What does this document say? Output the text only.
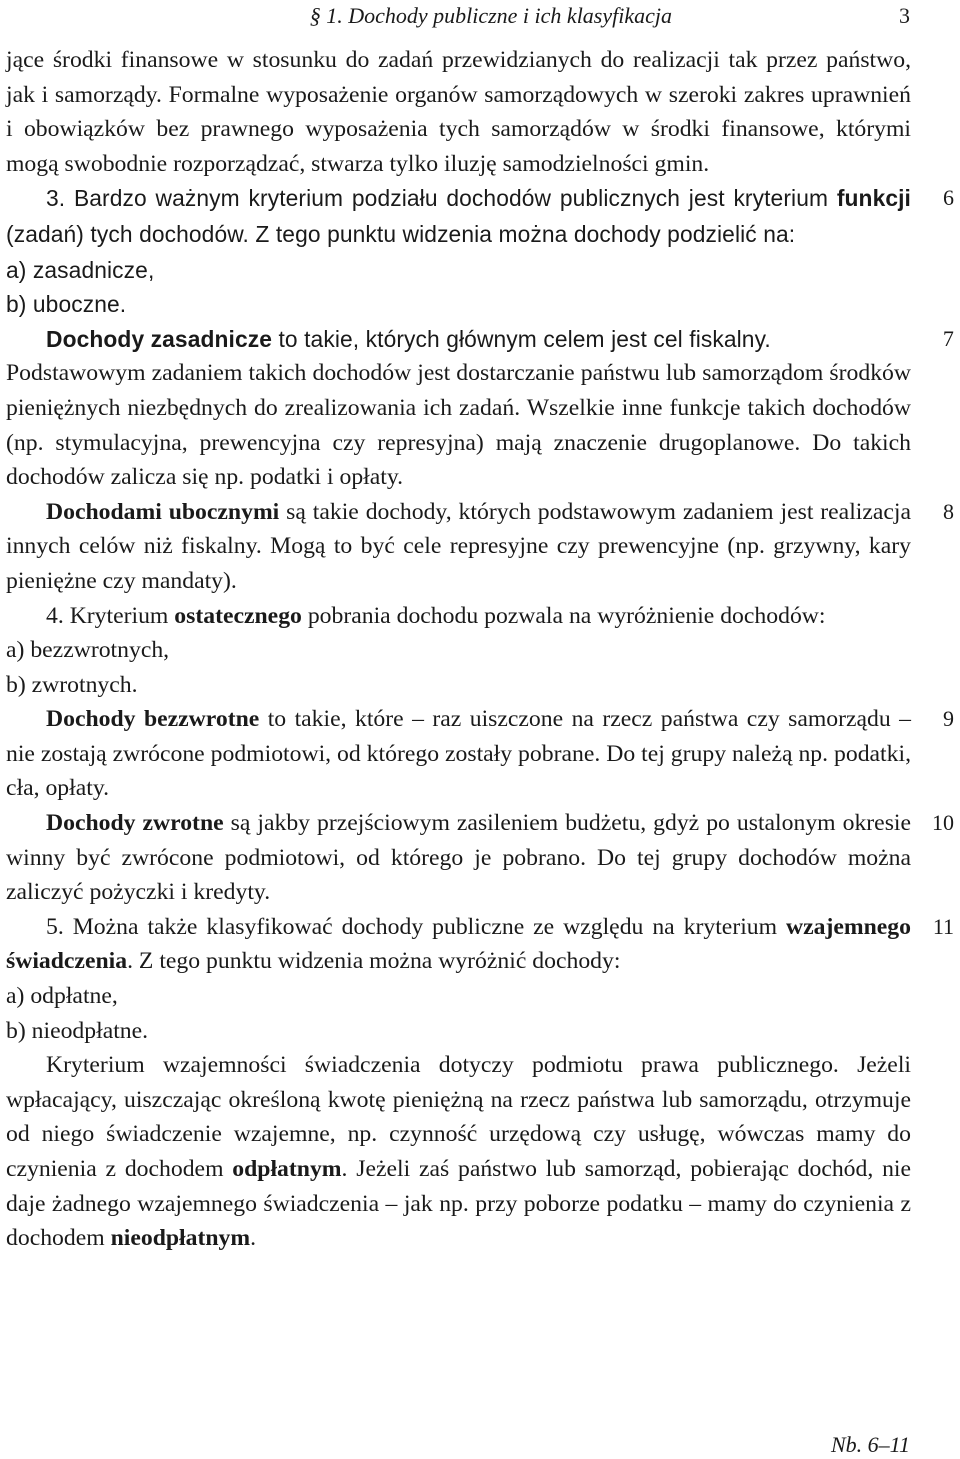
§ 1. Dochody publiczne i ich klasyfikacja	3

jące środki finansowe w stosunku do zadań przewidzianych do realizacji tak przez państwo, jak i samorządy. Formalne wyposażenie organów samorządowych w szeroki zakres uprawnień i obowiązków bez prawnego wyposażenia tych samorządów w środki finansowe, którymi mogą swobodnie rozporządzać, stwarza tylko iluzję samodzielności gmin.

3. Bardzo ważnym kryterium podziału dochodów publicznych jest kryterium funkcji (zadań) tych dochodów. Z tego punktu widzenia można dochody podzielić na:
6

a) zasadnicze,

b) uboczne.

Dochody zasadnicze to takie, których głównym celem jest cel fiskalny.	7

Podstawowym zadaniem takich dochodów jest dostarczanie państwu lub samorządom środków pieniężnych niezbędnych do zrealizowania ich zadań. Wszelkie inne funkcje takich dochodów (np. stymulacyjna, prewencyjna czy represyjna) mają znaczenie drugoplanowe. Do takich dochodów zalicza się np. podatki i opłaty.

Dochodami ubocznymi są takie dochody, których podstawowym zadaniem jest realizacja innych celów niż fiskalny. Mogą to być cele represyjne czy prewencyjne (np. grzywny, kary pieniężne czy mandaty).
8

4. Kryterium ostatecznego pobrania dochodu pozwala na wyróżnienie dochodów:

a) bezzwrotnych,

b) zwrotnych.

Dochody bezzwrotne to takie, które – raz uiszczone na rzecz państwa czy samorządu – nie zostają zwrócone podmiotowi, od którego zostały pobrane. Do tej grupy należą np. podatki, cła, opłaty.
9

Dochody zwrotne są jakby przejściowym zasileniem budżetu, gdyż po ustalonym okresie winny być zwrócone podmiotowi, od którego je pobrano. Do tej grupy dochodów można zaliczyć pożyczki i kredyty.
10

5. Można także klasyfikować dochody publiczne ze względu na kryterium wzajemnego świadczenia. Z tego punktu widzenia można wyróżnić dochody:
11

a) odpłatne,

b) nieodpłatne.

Kryterium wzajemności świadczenia dotyczy podmiotu prawa publicznego. Jeżeli wpłacający, uiszczając określoną kwotę pieniężną na rzecz państwa lub samorządu, otrzymuje od niego świadczenie wzajemne, np. czynność urzędową czy usługę, wówczas mamy do czynienia z dochodem odpłatnym. Jeżeli zaś państwo lub samorząd, pobierając dochód, nie daje żadnego wzajemnego świadczenia – jak np. przy poborze podatku – mamy do czynienia z dochodem nieodpłatnym.

Nb. 6–11
